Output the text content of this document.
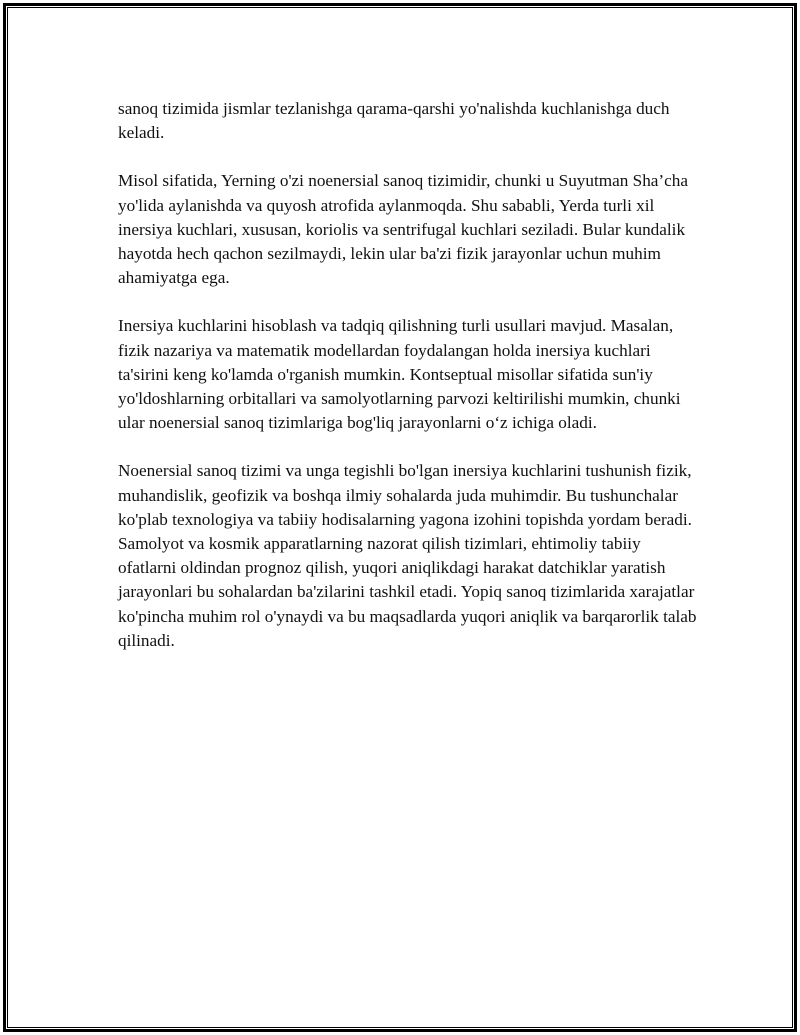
sanoq tizimida jismlar tezlanishga qarama-qarshi yo'nalishda kuchlanishga duch keladi.

Misol sifatida, Yerning o'zi noenersial sanoq tizimidir, chunki u Suyutman Sha’cha yo'lida aylanishda va quyosh atrofida aylanmoqda. Shu sababli, Yerda turli xil inersiya kuchlari, xususan, koriolis va sentrifugal kuchlari seziladi. Bular kundalik hayotda hech qachon sezilmaydi, lekin ular ba'zi fizik jarayonlar uchun muhim ahamiyatga ega.

Inersiya kuchlarini hisoblash va tadqiq qilishning turli usullari mavjud. Masalan, fizik nazariya va matematik modellardan foydalangan holda inersiya kuchlari ta'sirini keng ko'lamda o'rganish mumkin. Kontseptual misollar sifatida sun'iy yo'ldoshlarning orbitallari va samolyotlarning parvozi keltirilishi mumkin, chunki ular noenersial sanoq tizimlariga bog'liq jarayonlarni o‘z ichiga oladi.

Noenersial sanoq tizimi va unga tegishli bo'lgan inersiya kuchlarini tushunish fizik, muhandislik, geofizik va boshqa ilmiy sohalarda juda muhimdir. Bu tushunchalar ko'plab texnologiya va tabiiy hodisalarning yagona izohini topishda yordam beradi. Samolyot va kosmik apparatlarning nazorat qilish tizimlari, ehtimoliy tabiiy ofatlarni oldindan prognoz qilish, yuqori aniqlikdagi harakat datchiklar yaratish jarayonlari bu sohalardan ba'zilarini tashkil etadi. Yopiq sanoq tizimlarida xarajatlar ko'pincha muhim rol o'ynaydi va bu maqsadlarda yuqori aniqlik va barqarorlik talab qilinadi.
